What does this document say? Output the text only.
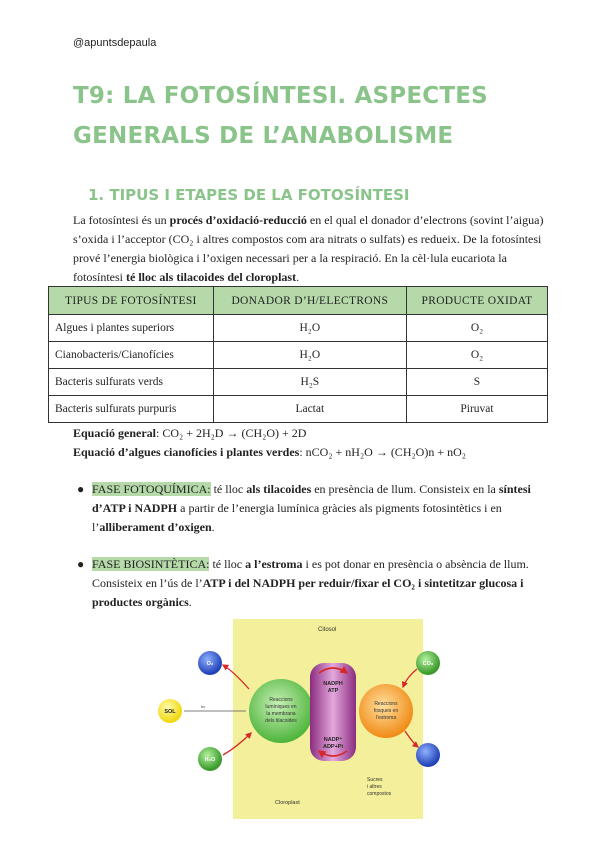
@apuntsdepaula
T9: LA FOTOSÍNTESI. ASPECTES GENERALS DE L’ANABOLISME
1. TIPUS I ETAPES DE LA FOTOSÍNTESI
La fotosíntesi és un procés d’oxidació-reducció en el qual el donador d’electrons (sovint l’aigua) s’oxida i l’acceptor (CO₂ i altres compostos com ara nitrats o sulfats) es redueix. De la fotosíntesi prové l’energia biològica i l’oxigen necessari per a la respiració. En la cèl·lula eucariota la fotosíntesi té lloc als tilacoides del cloroplast.
TIPUS DE FOTOSÍNTESI	DONADOR D’H/ELECTRONS	PRODUCTE OXIDAT
Algues i plantes superiors	H₂O	O₂
Cianobacteris/Cianofícies	H₂O	O₂
Bacteris sulfurats verds	H₂S	S
Bacteris sulfurats purpuris	Lactat	Piruvat
Equació general: CO₂ + 2H₂D → (CH₂O) + 2D
Equació d’algues cianofícies i plantes verdes: nCO₂ + nH₂O → (CH₂O)n + nO₂
● FASE FOTOQUÍMICA: té lloc als tilacoides en presència de llum. Consisteix en la síntesi d’ATP i NADPH a partir de l’energia lumínica gràcies als pigments fotosintètics i en l’alliberament d’oxigen.
● FASE BIOSINTÈTICA: té lloc a l’estroma i es pot donar en presència o absència de llum. Consisteix en l’ús de l’ATP i del NADPH per reduir/fixar el CO₂ i sintetitzar glucosa i productes orgànics.
Citosol
O₂
SOL
hν
H₂O
Reaccions
lumíniques en
la membrana
dels tilacoides
NADPH
ATP
NADP⁺
ADP+Pi
Reaccions
fosques en
l’estroma
CO₂
Cloroplast
Sucres
i altres
compostos
